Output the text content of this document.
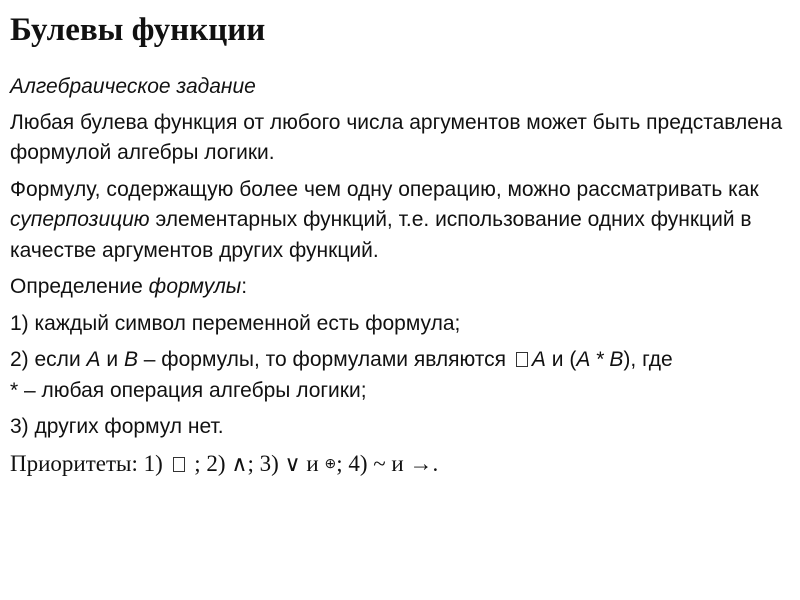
Булевы функции

Алгебраическое задание

Любая булева функция от любого числа аргументов может быть представлена формулой алгебры логики.

Формулу, содержащую более чем одну операцию, можно рассматривать как суперпозицию элементарных функций, т.е. использование одних функций в качестве аргументов других функций.

Определение формулы:

1) каждый символ переменной есть формула;

2) если A и B – формулы, то формулами являются A и (A * B), где
* – любая операция алгебры логики;

3) других формул нет.

Приоритеты: 1)  ; 2) ∧; 3) ∨ и ⊕; 4) ~ и →.
